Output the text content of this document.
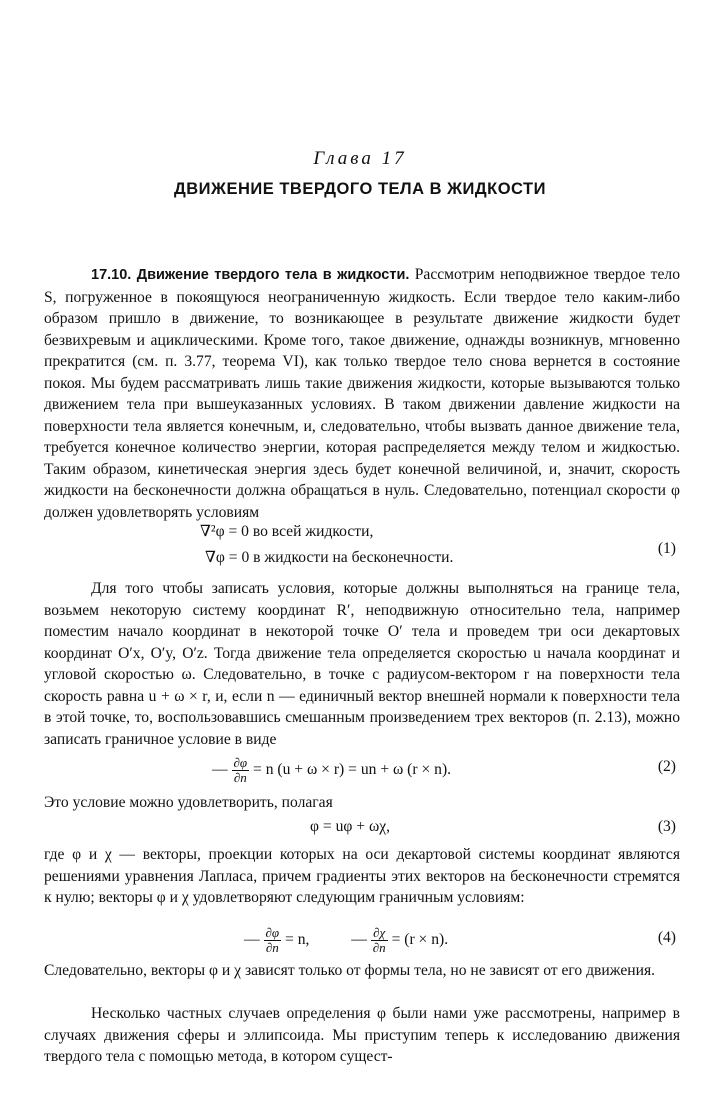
Глава 17
ДВИЖЕНИЕ ТВЕРДОГО ТЕЛА В ЖИДКОСТИ

17.10. Движение твердого тела в жидкости. Рассмотрим неподвижное твердое тело S, погруженное в покоящуюся неограниченную жидкость. Если твердое тело каким-либо образом пришло в движение, то возникающее в результате движение жидкости будет безвихревым и ациклическими. Кроме того, такое движение, однажды возникнув, мгновенно прекратится (см. п. 3.77, теорема VI), как только твердое тело снова вернется в состояние покоя. Мы будем рассматривать лишь такие движения жидкости, которые вызываются только движением тела при вышеуказанных условиях. В таком движении давление жидкости на поверхности тела является конечным, и, следовательно, чтобы вызвать данное движение тела, требуется конечное количество энергии, которая распределяется между телом и жидкостью. Таким образом, кинетическая энергия здесь будет конечной величиной, и, значит, скорость жидкости на бесконечности должна обращаться в нуль. Следовательно, потенциал скорости φ должен удовлетворять условиям

∇²φ = 0 во всей жидкости,
∇φ = 0 в жидкости на бесконечности.
(1)

Для того чтобы записать условия, которые должны выполняться на границе тела, возьмем некоторую систему координат R′, неподвижную относительно тела, например поместим начало координат в некоторой точке O′ тела и проведем три оси декартовых координат O′x, O′y, O′z. Тогда движение тела определяется скоростью u начала координат и угловой скоростью ω. Следовательно, в точке с радиусом-вектором r на поверхности тела скорость равна u + ω × r, и, если n — единичный вектор внешней нормали к поверхности тела в этой точке, то, воспользовавшись смешанным произведением трех векторов (п. 2.13), можно записать граничное условие в виде

— $\frac{\partial\varphi}{\partial n} = n$ (u + ω × r) = un + ω (r × n).	(2)

Это условие можно удовлетворить, полагая

φ = uφ + ωχ,	(3)

где φ и χ — векторы, проекции которых на оси декартовой системы координат являются решениями уравнения Лапласа, причем градиенты этих векторов на бесконечности стремятся к нулю; векторы φ и χ удовлетворяют следующим граничным условиям:

— $\frac{\partial\varphi}{\partial n} = n$,	— $\frac{\partial\chi}{\partial n} = (r \times n)$.	(4)

Следовательно, векторы φ и χ зависят только от формы тела, но не зависят от его движения.

Несколько частных случаев определения φ были нами уже рассмотрены, например в случаях движения сферы и эллипсоида. Мы приступим теперь к исследованию движения твердого тела с помощью метода, в котором сущест-
